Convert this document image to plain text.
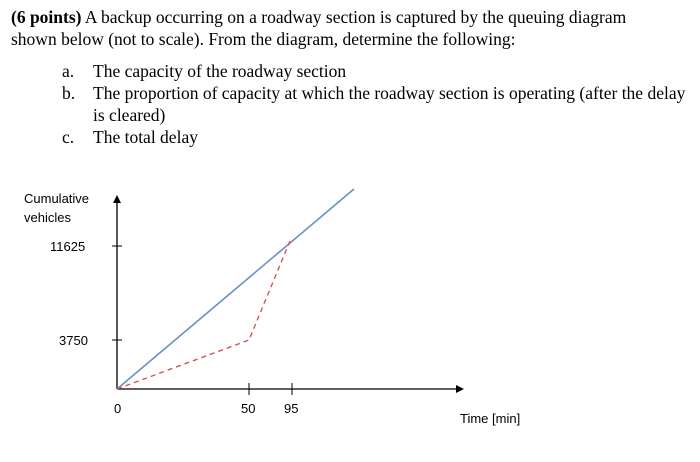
(6 points) A backup occurring on a roadway section is captured by the queuing diagram
shown below (not to scale). From the diagram, determine the following:
a.	The capacity of the roadway section
b.	The proportion of capacity at which the roadway section is operating (after the delay is cleared)
c.	The total delay
Cumulative
vehicles
11625
3750
0	50 95
Time [min]
